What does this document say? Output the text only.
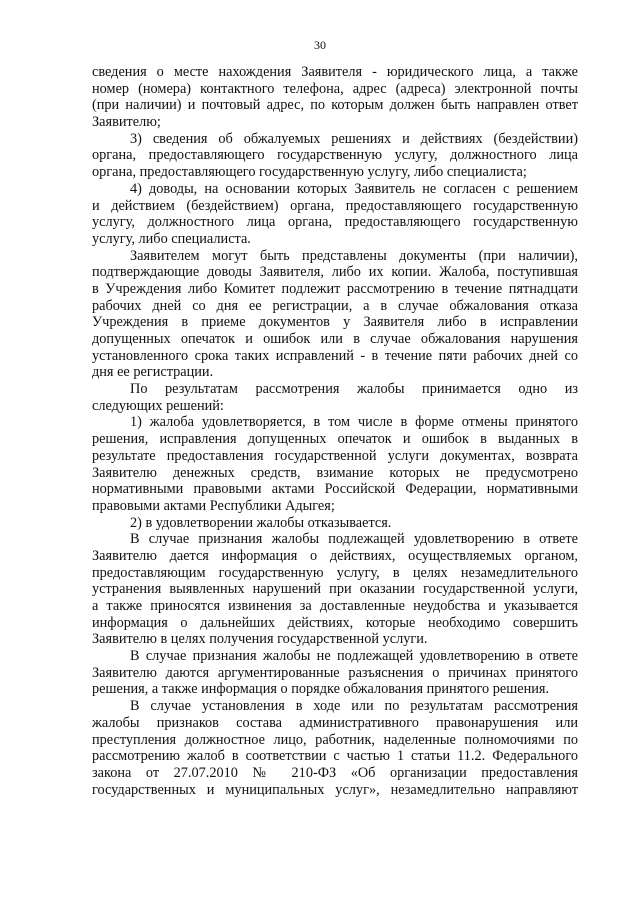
30
сведения о месте нахождения Заявителя - юридического лица, а также
номер (номера) контактного телефона, адрес (адреса) электронной почты
(при наличии) и почтовый адрес, по которым должен быть направлен ответ
Заявителю;
3) сведения об обжалуемых решениях и действиях (бездействии)
органа, предоставляющего государственную услугу, должностного лица
органа, предоставляющего государственную услугу, либо специалиста;
4) доводы, на основании которых Заявитель не согласен с решением
и действием (бездействием) органа, предоставляющего государственную
услугу, должностного лица органа, предоставляющего государственную
услугу, либо специалиста.
Заявителем могут быть представлены документы (при наличии),
подтверждающие доводы Заявителя, либо их копии. Жалоба, поступившая
в Учреждения либо Комитет подлежит рассмотрению в течение пятнадцати
рабочих дней со дня ее регистрации, а в случае обжалования отказа
Учреждения в приеме документов у Заявителя либо в исправлении
допущенных опечаток и ошибок или в случае обжалования нарушения
установленного срока таких исправлений - в течение пяти рабочих дней со
дня ее регистрации.
По результатам рассмотрения жалобы принимается одно из
следующих решений:
1) жалоба удовлетворяется, в том числе в форме отмены принятого
решения, исправления допущенных опечаток и ошибок в выданных в
результате предоставления государственной услуги документах, возврата
Заявителю денежных средств, взимание которых не предусмотрено
нормативными правовыми актами Российской Федерации, нормативными
правовыми актами Республики Адыгея;
2) в удовлетворении жалобы отказывается.
В случае признания жалобы подлежащей удовлетворению в ответе
Заявителю дается информация о действиях, осуществляемых органом,
предоставляющим государственную услугу, в целях незамедлительного
устранения выявленных нарушений при оказании государственной услуги,
а также приносятся извинения за доставленные неудобства и указывается
информация о дальнейших действиях, которые необходимо совершить
Заявителю в целях получения государственной услуги.
В случае признания жалобы не подлежащей удовлетворению в ответе
Заявителю даются аргументированные разъяснения о причинах принятого
решения, а также информация о порядке обжалования принятого решения.
В случае установления в ходе или по результатам рассмотрения
жалобы признаков состава административного правонарушения или
преступления должностное лицо, работник, наделенные полномочиями по
рассмотрению жалоб в соответствии с частью 1 статьи 11.2. Федерального
закона от 27.07.2010 № 210-ФЗ «Об организации предоставления
государственных и муниципальных услуг», незамедлительно направляют
